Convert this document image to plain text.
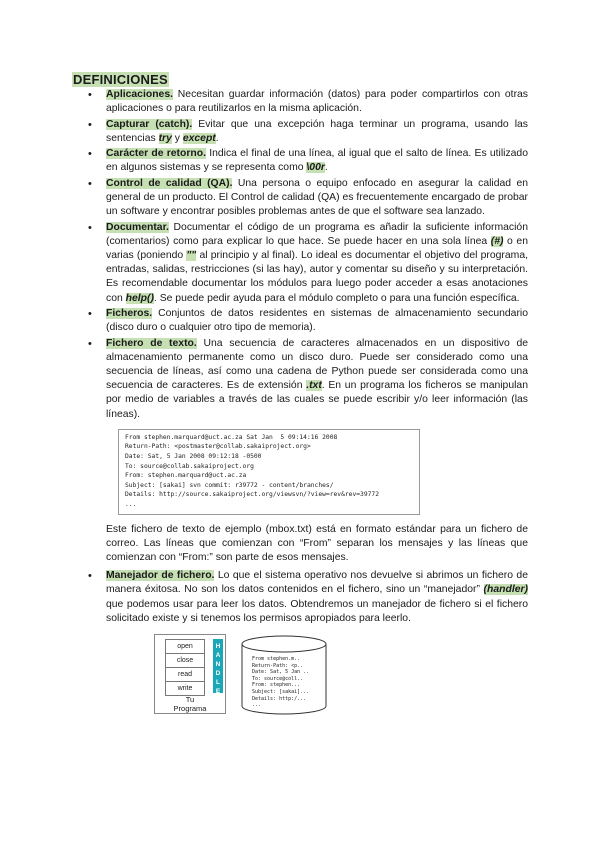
DEFINICIONES
• Aplicaciones. Necesitan guardar información (datos) para poder compartirlos con otras aplicaciones o para reutilizarlos en la misma aplicación.
• Capturar (catch). Evitar que una excepción haga terminar un programa, usando las sentencias try y except.
• Carácter de retorno. Indica el final de una línea, al igual que el salto de línea. Es utilizado en algunos sistemas y se representa como \00r.
• Control de calidad (QA). Una persona o equipo enfocado en asegurar la calidad en general de un producto. El Control de calidad (QA) es frecuentemente encargado de probar un software y encontrar posibles problemas antes de que el software sea lanzado.
• Documentar. Documentar el código de un programa es añadir la suficiente información (comentarios) como para explicar lo que hace. Se puede hacer en una sola línea (#) o en varias (poniendo "" al principio y al final). Lo ideal es documentar el objetivo del programa, entradas, salidas, restricciones (si las hay), autor y comentar su diseño y su interpretación. Es recomendable documentar los módulos para luego poder acceder a esas anotaciones con help(). Se puede pedir ayuda para el módulo completo o para una función específica.
• Ficheros. Conjuntos de datos residentes en sistemas de almacenamiento secundario (disco duro o cualquier otro tipo de memoria).
• Fichero de texto. Una secuencia de caracteres almacenados en un dispositivo de almacenamiento permanente como un disco duro. Puede ser considerado como una secuencia de líneas, así como una cadena de Python puede ser considerada como una secuencia de caracteres. Es de extensión .txt. En un programa los ficheros se manipulan por medio de variables a través de las cuales se puede escribir y/o leer información (las líneas).
From stephen.marquard@uct.ac.za Sat Jan  5 09:14:16 2008
Return-Path: <postmaster@collab.sakaiproject.org>
Date: Sat, 5 Jan 2008 09:12:18 -0500
To: source@collab.sakaiproject.org
From: stephen.marquard@uct.ac.za
Subject: [sakai] svn commit: r39772 - content/branches/
Details: http://source.sakaiproject.org/viewsvn/?view=rev&rev=39772
...
Este fichero de texto de ejemplo (mbox.txt) está en formato estándar para un fichero de correo. Las líneas que comienzan con “From” separan los mensajes y las líneas que comienzan con “From:” son parte de esos mensajes.
• Manejador de fichero. Lo que el sistema operativo nos devuelve si abrimos un fichero de manera éxitosa. No son los datos contenidos en el fichero, sino un “manejador” (handler) que podemos usar para leer los datos. Obtendremos un manejador de fichero si el fichero solicitado existe y si tenemos los permisos apropiados para leerlo.
open
close
read
write
H
A
N
D
L
E
Tu
Programa
From stephen.m..
Return-Path: <p..
Date: Sat, 5 Jan ..
To: source@coll..
From: stephen...
Subject: [sakai]...
Details: http:/...
...
